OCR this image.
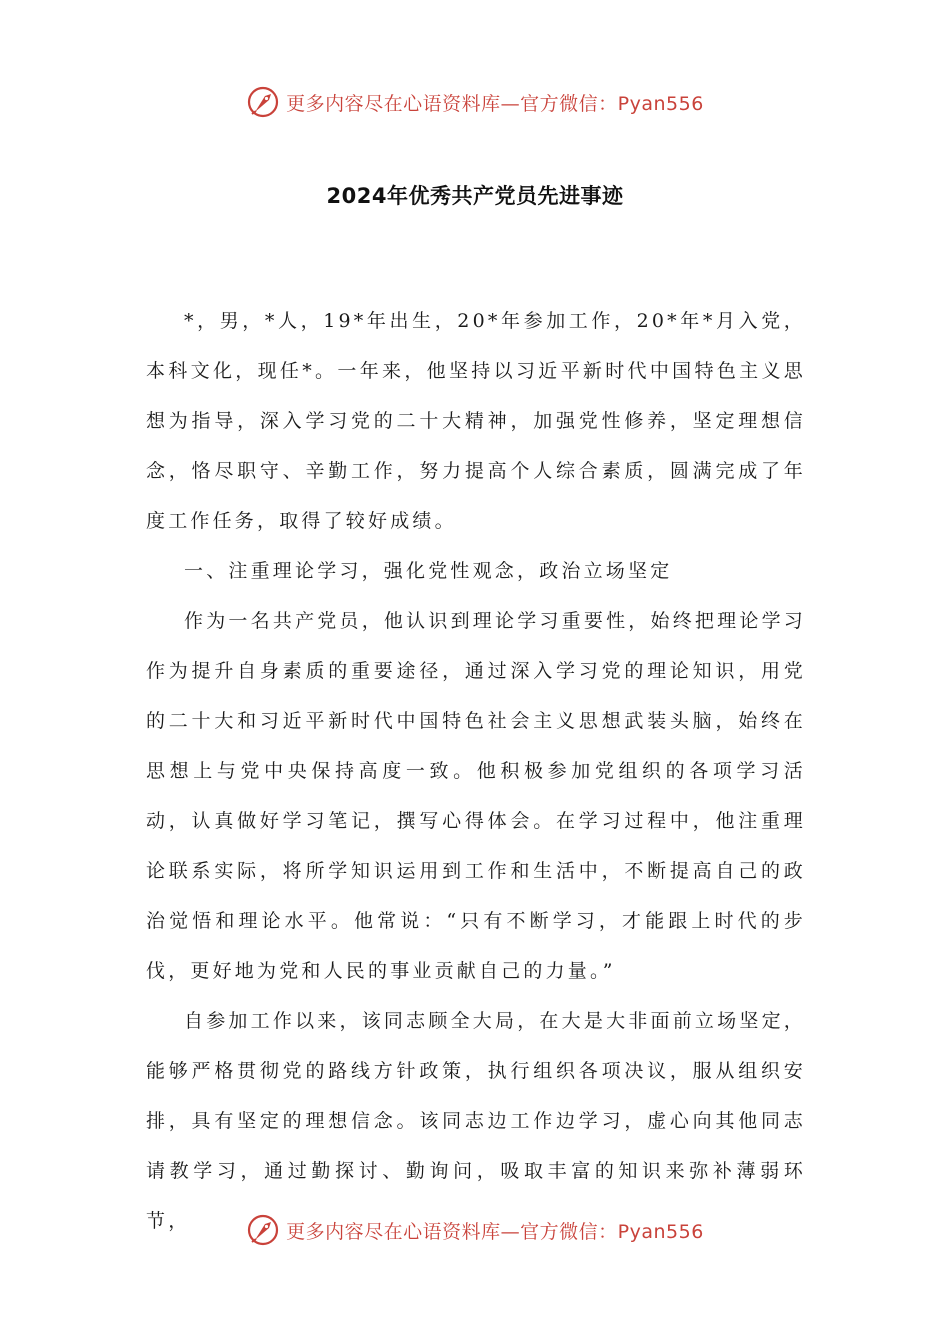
更多内容尽在心语资料库—官方微信：Pyan556
2024年优秀共产党员先进事迹

*，男，*人，19*年出生，20*年参加工作，20*年*月入党，本科文化，现任*。一年来，他坚持以习近平新时代中国特色主义思想为指导，深入学习党的二十大精神，加强党性修养，坚定理想信念，恪尽职守、辛勤工作，努力提高个人综合素质，圆满完成了年度工作任务，取得了较好成绩。

一、注重理论学习，强化党性观念，政治立场坚定

作为一名共产党员，他认识到理论学习重要性，始终把理论学习作为提升自身素质的重要途径，通过深入学习党的理论知识，用党的二十大和习近平新时代中国特色社会主义思想武装头脑，始终在思想上与党中央保持高度一致。他积极参加党组织的各项学习活动，认真做好学习笔记，撰写心得体会。在学习过程中，他注重理论联系实际，将所学知识运用到工作和生活中，不断提高自己的政治觉悟和理论水平。他常说：“只有不断学习，才能跟上时代的步伐，更好地为党和人民的事业贡献自己的力量。”

自参加工作以来，该同志顾全大局，在大是大非面前立场坚定，能够严格贯彻党的路线方针政策，执行组织各项决议，服从组织安排，具有坚定的理想信念。该同志边工作边学习，虚心向其他同志请教学习，通过勤探讨、勤询问，吸取丰富的知识来弥补薄弱环节，	更多内容尽在心语资料库—官方微信：Pyan556
